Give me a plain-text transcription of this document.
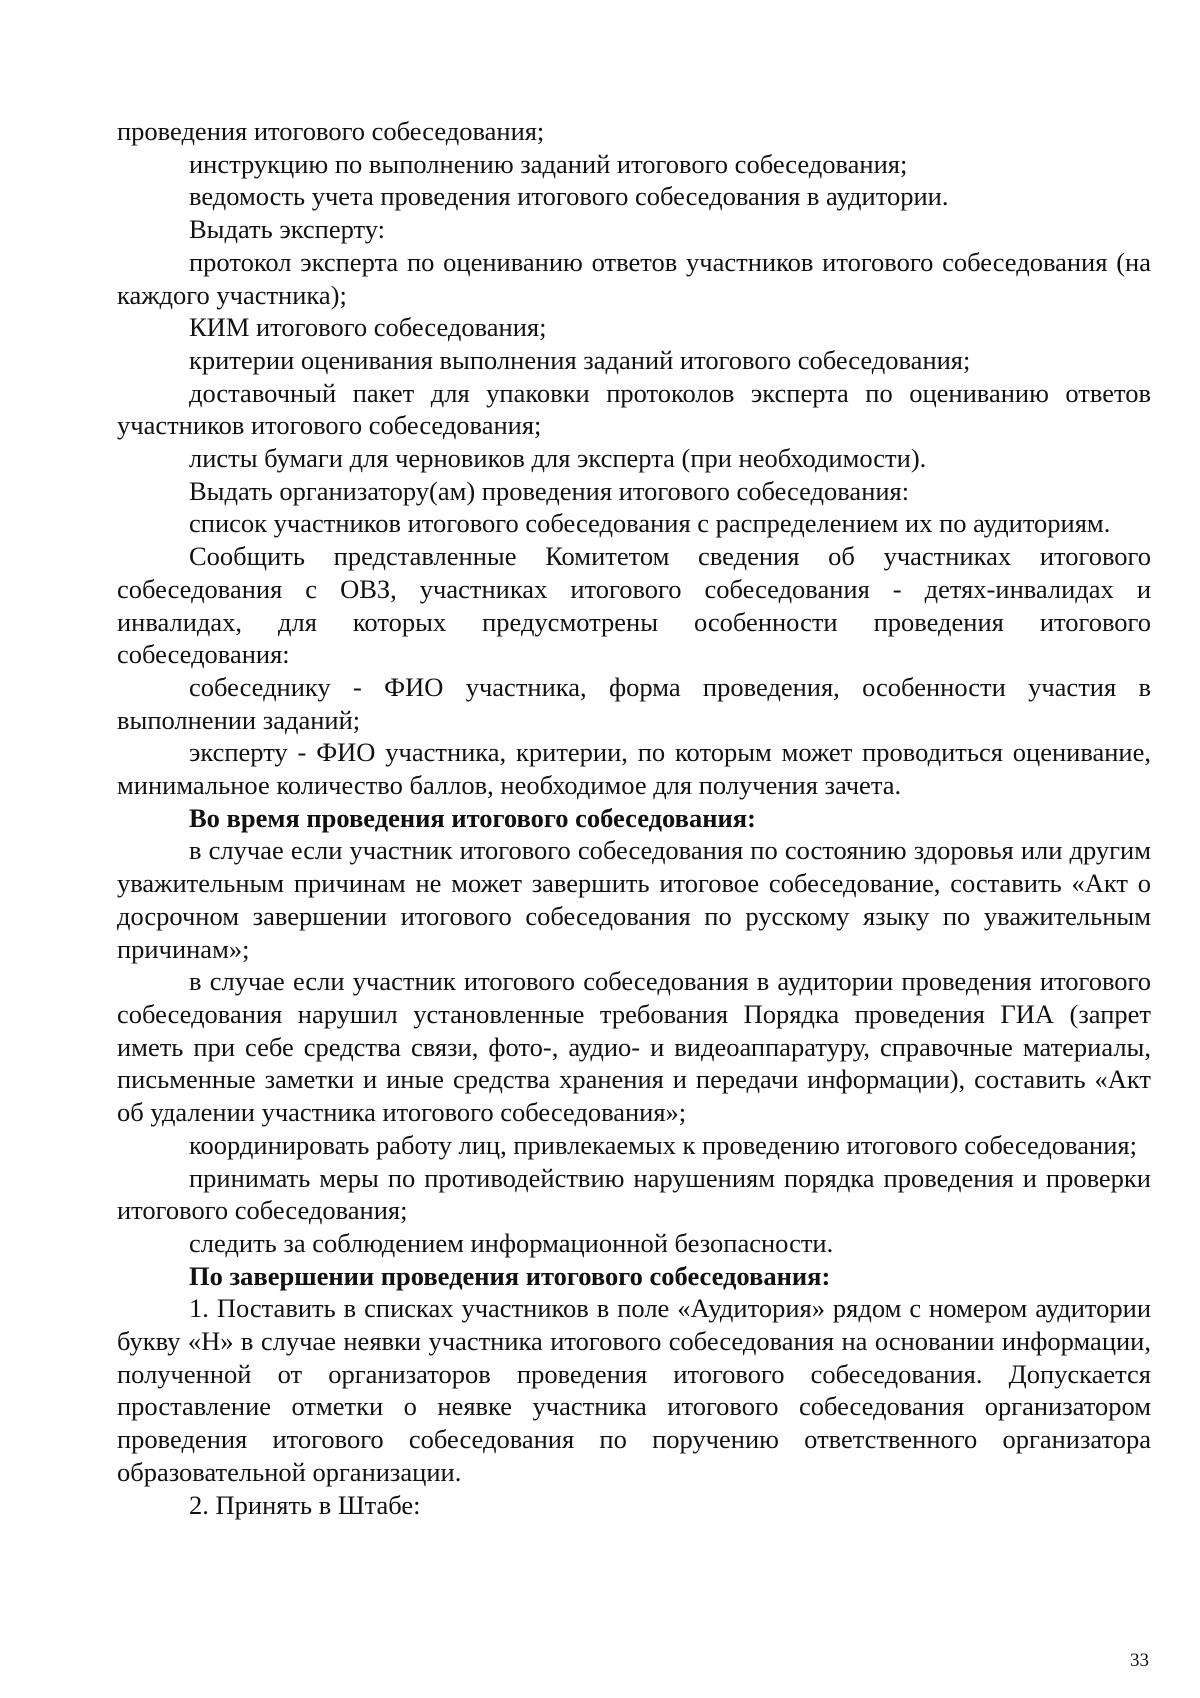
проведения итогового собеседования;

инструкцию по выполнению заданий итогового собеседования;

ведомость учета проведения итогового собеседования в аудитории.

Выдать эксперту:

протокол эксперта по оцениванию ответов участников итогового собеседования (на каждого участника);

КИМ итогового собеседования;

критерии оценивания выполнения заданий итогового собеседования;

доставочный пакет для упаковки протоколов эксперта по оцениванию ответов участников итогового собеседования;

листы бумаги для черновиков для эксперта (при необходимости).

Выдать организатору(ам) проведения итогового собеседования:

список участников итогового собеседования с распределением их по аудиториям.

Сообщить представленные Комитетом сведения об участниках итогового собеседования с ОВЗ, участниках итогового собеседования - детях-инвалидах и инвалидах, для которых предусмотрены особенности проведения итогового собеседования:

собеседнику - ФИО участника, форма проведения, особенности участия в выполнении заданий;

эксперту - ФИО участника, критерии, по которым может проводиться оценивание, минимальное количество баллов, необходимое для получения зачета.

Во время проведения итогового собеседования:

в случае если участник итогового собеседования по состоянию здоровья или другим уважительным причинам не может завершить итоговое собеседование, составить «Акт о досрочном завершении итогового собеседования по русскому языку по уважительным причинам»;

в случае если участник итогового собеседования в аудитории проведения итогового собеседования нарушил установленные требования Порядка проведения ГИА (запрет иметь при себе средства связи, фото-, аудио- и видеоаппаратуру, справочные материалы, письменные заметки и иные средства хранения и передачи информации), составить «Акт об удалении участника итогового собеседования»;

координировать работу лиц, привлекаемых к проведению итогового собеседования;

принимать меры по противодействию нарушениям порядка проведения и проверки итогового собеседования;

следить за соблюдением информационной безопасности.

По завершении проведения итогового собеседования:

1. Поставить в списках участников в поле «Аудитория» рядом с номером аудитории букву «Н» в случае неявки участника итогового собеседования на основании информации, полученной от организаторов проведения итогового собеседования. Допускается проставление отметки о неявке участника итогового собеседования организатором проведения итогового собеседования по поручению ответственного организатора образовательной организации.

2. Принять в Штабе:

33
